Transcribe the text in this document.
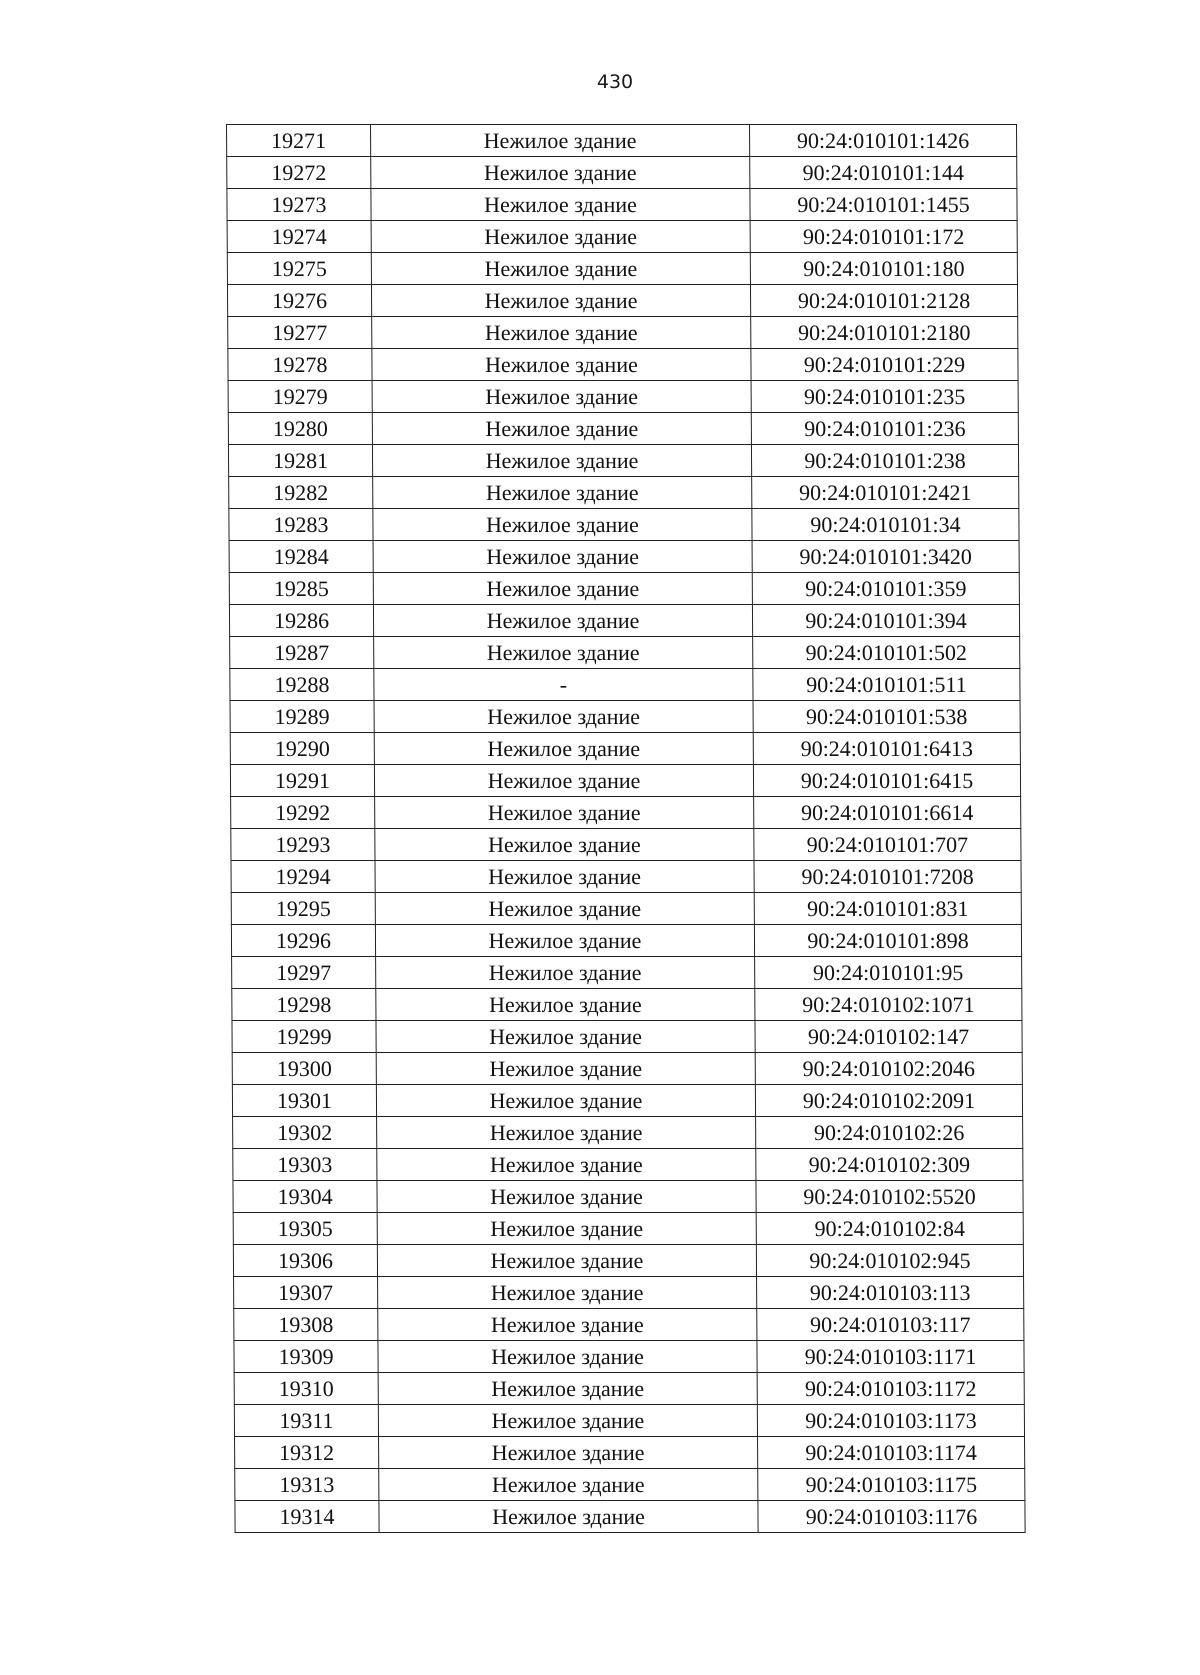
430
19271	Нежилое здание	90:24:010101:1426
19272	Нежилое здание	90:24:010101:144
19273	Нежилое здание	90:24:010101:1455
19274	Нежилое здание	90:24:010101:172
19275	Нежилое здание	90:24:010101:180
19276	Нежилое здание	90:24:010101:2128
19277	Нежилое здание	90:24:010101:2180
19278	Нежилое здание	90:24:010101:229
19279	Нежилое здание	90:24:010101:235
19280	Нежилое здание	90:24:010101:236
19281	Нежилое здание	90:24:010101:238
19282	Нежилое здание	90:24:010101:2421
19283	Нежилое здание	90:24:010101:34
19284	Нежилое здание	90:24:010101:3420
19285	Нежилое здание	90:24:010101:359
19286	Нежилое здание	90:24:010101:394
19287	Нежилое здание	90:24:010101:502
19288	-	90:24:010101:511
19289	Нежилое здание	90:24:010101:538
19290	Нежилое здание	90:24:010101:6413
19291	Нежилое здание	90:24:010101:6415
19292	Нежилое здание	90:24:010101:6614
19293	Нежилое здание	90:24:010101:707
19294	Нежилое здание	90:24:010101:7208
19295	Нежилое здание	90:24:010101:831
19296	Нежилое здание	90:24:010101:898
19297	Нежилое здание	90:24:010101:95
19298	Нежилое здание	90:24:010102:1071
19299	Нежилое здание	90:24:010102:147
19300	Нежилое здание	90:24:010102:2046
19301	Нежилое здание	90:24:010102:2091
19302	Нежилое здание	90:24:010102:26
19303	Нежилое здание	90:24:010102:309
19304	Нежилое здание	90:24:010102:5520
19305	Нежилое здание	90:24:010102:84
19306	Нежилое здание	90:24:010102:945
19307	Нежилое здание	90:24:010103:113
19308	Нежилое здание	90:24:010103:117
19309	Нежилое здание	90:24:010103:1171
19310	Нежилое здание	90:24:010103:1172
19311	Нежилое здание	90:24:010103:1173
19312	Нежилое здание	90:24:010103:1174
19313	Нежилое здание	90:24:010103:1175
19314	Нежилое здание	90:24:010103:1176
